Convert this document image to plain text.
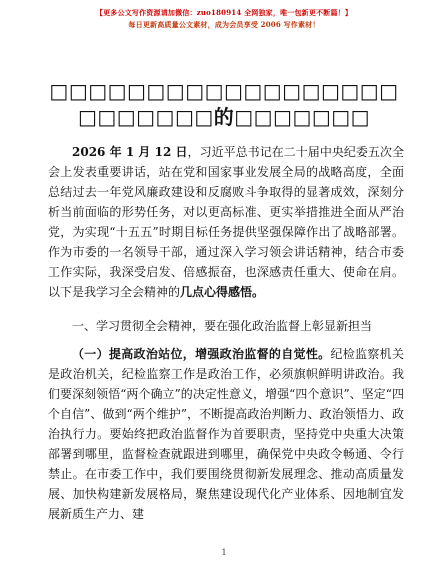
【更多公文写作资源请加微信：zuo180914 全网独家，唯一包新更不断篇！】
每日更新高质量公文素材，成为会员享受 2006 写作素材！
□□□□□□□□□□□□□□□□□□
□□□□□□□的□□□□□□□

2026 年 1 月 12 日，习近平总书记在二十届中央纪委五次全会上发表重要讲话，站在党和国家事业发展全局的战略高度，全面总结过去一年党风廉政建设和反腐败斗争取得的显著成效，深刻分析当前面临的形势任务，对以更高标准、更实举措推进全面从严治党，为实现“十五五”时期目标任务提供坚强保障作出了战略部署。作为市委的一名领导干部，通过深入学习领会讲话精神，结合市委工作实际，我深受启发、倍感振奋，也深感责任重大、使命在肩。以下是我学习全会精神的几点心得感悟。

一、学习贯彻全会精神，要在强化政治监督上彰显新担当

（一）提高政治站位，增强政治监督的自觉性。纪检监察机关是政治机关，纪检监察工作是政治工作，必须旗帜鲜明讲政治。我们要深刻领悟“两个确立”的决定性意义，增强“四个意识”、坚定“四个自信”、做到“两个维护”，不断提高政治判断力、政治领悟力、政治执行力。要始终把政治监督作为首要职责，坚持党中央重大决策部署到哪里，监督检查就跟进到哪里，确保党中央政令畅通、令行禁止。在市委工作中，我们要围绕贯彻新发展理念、推动高质量发展、加快构建新发展格局，聚焦建设现代化产业体系、因地制宜发展新质生产力、建

1
